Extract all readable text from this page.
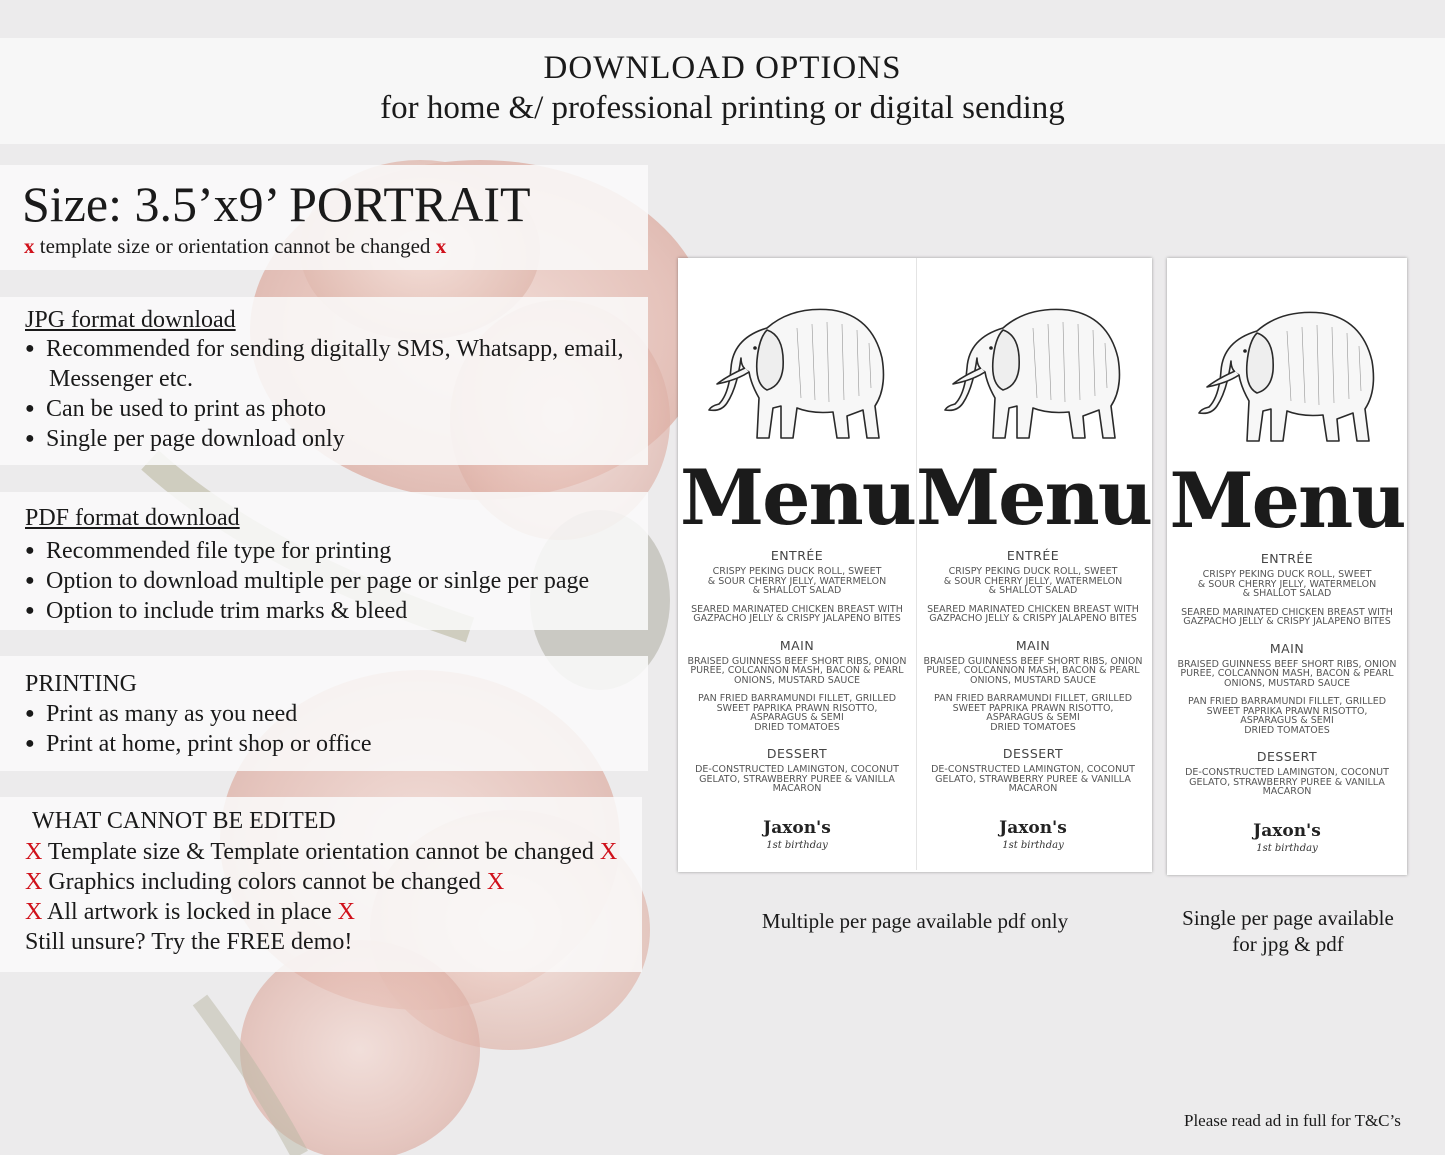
DOWNLOAD OPTIONS
for home &/ professional printing or digital sending
Size: 3.5’x9’ PORTRAIT
x template size or orientation cannot be changed x
JPG format download
● Recommended for sending digitally SMS, Whatsapp, email,
Messenger etc.
● Can be used to print as photo
● Single per page download only
PDF format download
● Recommended file type for printing
● Option to download multiple per page or sinlge per page
● Option to include trim marks & bleed
PRINTING
● Print as many as you need
● Print at home, print shop or office
WHAT CANNOT BE EDITED
X Template size & Template orientation cannot be changed X
X Graphics including colors cannot be changed X
X All artwork is locked in place X
Still unsure? Try the FREE demo!
Menu
ENTRÉE
CRISPY PEKING DUCK ROLL, SWEET
& SOUR CHERRY JELLY, WATERMELON
& SHALLOT SALAD
SEARED MARINATED CHICKEN BREAST WITH
GAZPACHO JELLY & CRISPY JALAPENO BITES
MAIN
BRAISED GUINNESS BEEF SHORT RIBS, ONION
PUREE, COLCANNON MASH, BACON & PEARL
ONIONS, MUSTARD SAUCE
PAN FRIED BARRAMUNDI FILLET, GRILLED
SWEET PAPRIKA PRAWN RISOTTO,
ASPARAGUS & SEMI
DRIED TOMATOES
DESSERT
DE-CONSTRUCTED LAMINGTON, COCONUT
GELATO, STRAWBERRY PUREE & VANILLA
MACARON
Jaxon's
1st birthday
Menu
ENTRÉE
CRISPY PEKING DUCK ROLL, SWEET
& SOUR CHERRY JELLY, WATERMELON
& SHALLOT SALAD
SEARED MARINATED CHICKEN BREAST WITH
GAZPACHO JELLY & CRISPY JALAPENO BITES
MAIN
BRAISED GUINNESS BEEF SHORT RIBS, ONION
PUREE, COLCANNON MASH, BACON & PEARL
ONIONS, MUSTARD SAUCE
PAN FRIED BARRAMUNDI FILLET, GRILLED
SWEET PAPRIKA PRAWN RISOTTO,
ASPARAGUS & SEMI
DRIED TOMATOES
DESSERT
DE-CONSTRUCTED LAMINGTON, COCONUT
GELATO, STRAWBERRY PUREE & VANILLA
MACARON
Jaxon's
1st birthday
Menu
ENTRÉE
CRISPY PEKING DUCK ROLL, SWEET
& SOUR CHERRY JELLY, WATERMELON
& SHALLOT SALAD
SEARED MARINATED CHICKEN BREAST WITH
GAZPACHO JELLY & CRISPY JALAPENO BITES
MAIN
BRAISED GUINNESS BEEF SHORT RIBS, ONION
PUREE, COLCANNON MASH, BACON & PEARL
ONIONS, MUSTARD SAUCE
PAN FRIED BARRAMUNDI FILLET, GRILLED
SWEET PAPRIKA PRAWN RISOTTO,
ASPARAGUS & SEMI
DRIED TOMATOES
DESSERT
DE-CONSTRUCTED LAMINGTON, COCONUT
GELATO, STRAWBERRY PUREE & VANILLA
MACARON
Jaxon's
1st birthday
Multiple per page available pdf only	Single per page available
for jpg & pdf
Please read ad in full for T&C’s
